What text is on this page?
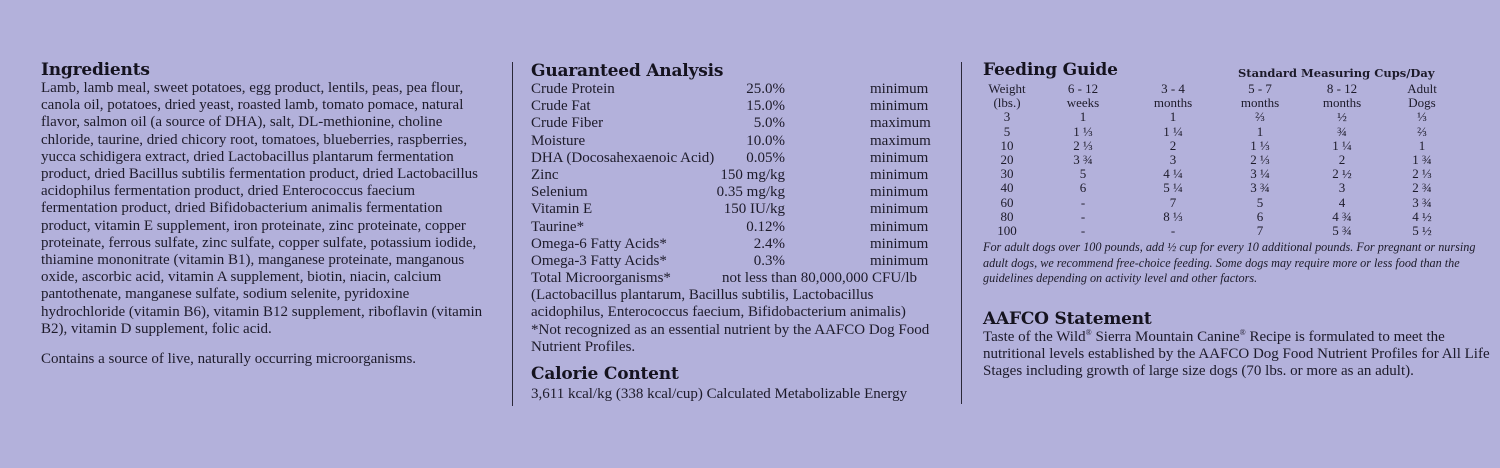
Ingredients

Lamb, lamb meal, sweet potatoes, egg product, lentils, peas, pea flour, canola oil, potatoes, dried yeast, roasted lamb, tomato pomace, natural flavor, salmon oil (a source of DHA), salt, DL-methionine, choline chloride, taurine, dried chicory root, tomatoes, blueberries, raspberries, yucca schidigera extract, dried Lactobacillus plantarum fermentation product, dried Bacillus subtilis fermentation product, dried Lactobacillus acidophilus fermentation product, dried Enterococcus faecium fermentation product, dried Bifidobacterium animalis fermentation product, vitamin E supplement, iron proteinate, zinc proteinate, copper proteinate, ferrous sulfate, zinc sulfate, copper sulfate, potassium iodide, thiamine mononitrate (vitamin B1), manganese proteinate, manganous oxide, ascorbic acid, vitamin A supplement, biotin, niacin, calcium pantothenate, manganese sulfate, sodium selenite, pyridoxine hydrochloride (vitamin B6), vitamin B12 supplement, riboflavin (vitamin B2), vitamin D supplement, folic acid.

Contains a source of live, naturally occurring microorganisms.

Guaranteed Analysis
Crude Protein	25.0%	minimum
Crude Fat	15.0%	minimum
Crude Fiber	5.0%	maximum
Moisture	10.0%	maximum
DHA (Docosahexaenoic Acid) 0.05%	minimum
Zinc	150 mg/kg	minimum
Selenium	0.35 mg/kg	minimum
Vitamin E	150 IU/kg	minimum
Taurine*	0.12%	minimum
Omega-6 Fatty Acids*	2.4%	minimum
Omega-3 Fatty Acids*	0.3%	minimum
Total Microorganisms*	not less than 80,000,000 CFU/lb

(Lactobacillus plantarum, Bacillus subtilis, Lactobacillus acidophilus, Enterococcus faecium, Bifidobacterium animalis)

*Not recognized as an essential nutrient by the AAFCO Dog Food Nutrient Profiles.

Calorie Content

3,611 kcal/kg (338 kcal/cup) Calculated Metabolizable Energy

Feeding Guide	Standard Measuring Cups/Day
Weight	6 - 12	3 - 4	5 - 7	8 - 12	Adult
(lbs.)	weeks	months	months	months	Dogs
3	1	1	⅔	½	⅓
5	1 ⅓	1 ¼	1	¾	⅔
10	2 ⅓	2	1 ⅓	1 ¼	1
20	3 ¾	3	2 ⅓	2	1 ¾
30	5	4 ¼	3 ¼	2 ½	2 ⅓
40	6	5 ¼	3 ¾	3	2 ¾
60	-	7	5	4	3 ¾
80	-	8 ⅓	6	4 ¾	4 ½
100	-	-	7	5 ¾	5 ½

For adult dogs over 100 pounds, add ½ cup for every 10 additional pounds. For pregnant or nursing adult dogs, we recommend free-choice feeding. Some dogs may require more or less food than the guidelines depending on activity level and other factors.

AAFCO Statement

Taste of the Wild® Sierra Mountain Canine® Recipe is formulated to meet the nutritional levels established by the AAFCO Dog Food Nutrient Profiles for All Life Stages including growth of large size dogs (70 lbs. or more as an adult).
